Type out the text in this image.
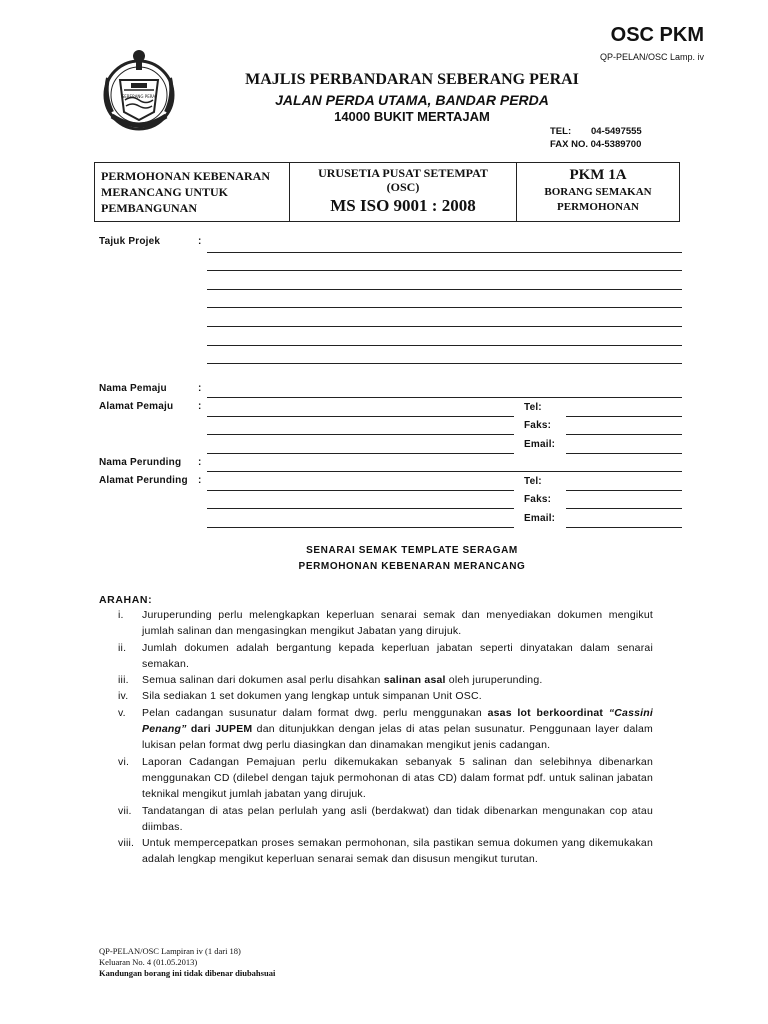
OSC PKM
QP-PELAN/OSC Lamp. iv
SEBERANG PERAI
MAJLIS PERBANDARAN SEBERANG PERAI
JALAN PERDA UTAMA, BANDAR PERDA
14000 BUKIT MERTAJAM
TEL: 04-5497555
FAX NO. 04-5389700
PERMOHONAN KEBENARAN
MERANCANG UNTUK
PEMBANGUNAN
URUSETIA PUSAT SETEMPAT
(OSC)
MS ISO 9001 : 2008
PKM 1A
BORANG SEMAKAN
PERMOHONAN
Tajuk Projek	:
Nama Pemaju	:
Alamat Pemaju :	Tel:
Faks:
Email:
Nama Perunding :
Alamat Perunding :	Tel:
Faks:
Email:
SENARAI SEMAK TEMPLATE SERAGAM
PERMOHONAN KEBENARAN MERANCANG
ARAHAN:
i. Juruperunding perlu melengkapkan keperluan senarai semak dan menyediakan dokumen mengikut jumlah salinan dan mengasingkan mengikut Jabatan yang dirujuk.
ii. Jumlah dokumen adalah bergantung kepada keperluan jabatan seperti dinyatakan dalam senarai semakan.
iii. Semua salinan dari dokumen asal perlu disahkan salinan asal oleh juruperunding.
iv. Sila sediakan 1 set dokumen yang lengkap untuk simpanan Unit OSC.
v. Pelan cadangan susunatur dalam format dwg. perlu menggunakan asas lot berkoordinat “Cassini Penang” dari JUPEM dan ditunjukkan dengan jelas di atas pelan susunatur. Penggunaan layer dalam lukisan pelan format dwg perlu diasingkan dan dinamakan mengikut jenis cadangan.
vi. Laporan Cadangan Pemajuan perlu dikemukakan sebanyak 5 salinan dan selebihnya dibenarkan menggunakan CD (dilebel dengan tajuk permohonan di atas CD) dalam format pdf. untuk salinan jabatan teknikal mengikut jumlah jabatan yang dirujuk.
vii. Tandatangan di atas pelan perlulah yang asli (berdakwat) dan tidak dibenarkan mengunakan cop atau diimbas.
viii. Untuk mempercepatkan proses semakan permohonan, sila pastikan semua dokumen yang dikemukakan adalah lengkap mengikut keperluan senarai semak dan disusun mengikut turutan.
QP-PELAN/OSC Lampiran iv (1 dari 18)
Keluaran No. 4 (01.05.2013)
Kandungan borang ini tidak dibenar diubahsuai
